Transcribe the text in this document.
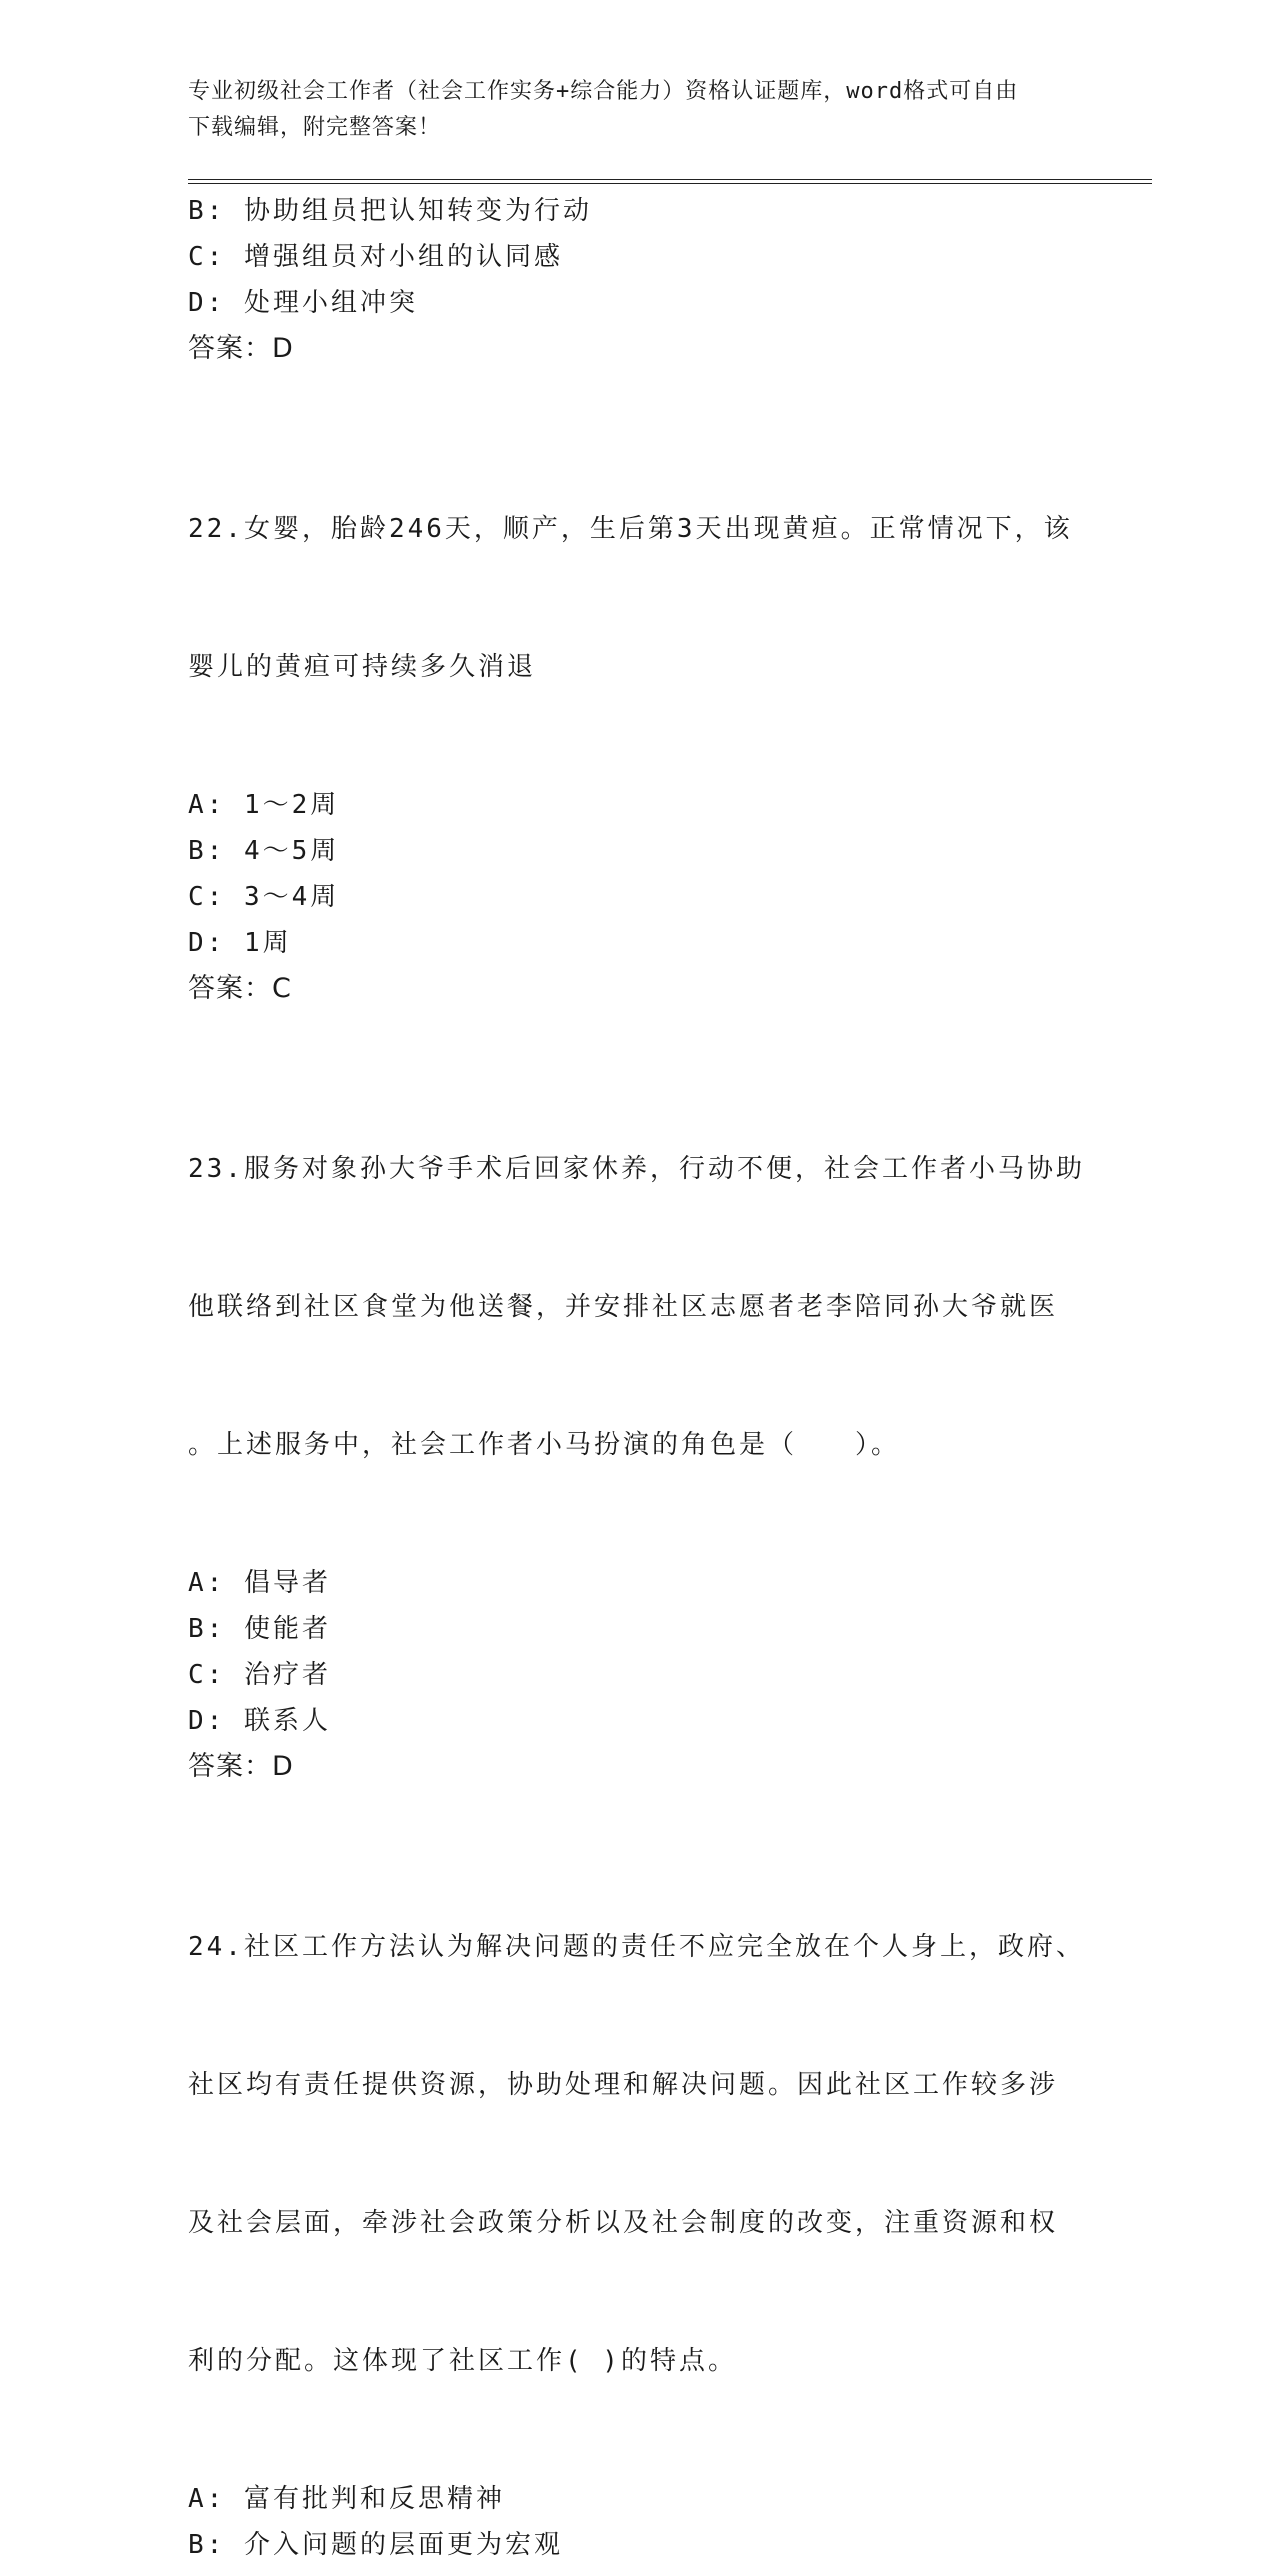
专业初级社会工作者（社会工作实务+综合能力）资格认证题库，word格式可自由
下载编辑，附完整答案！
B: 协助组员把认知转变为行动
C: 增强组员对小组的认同感
D: 处理小组冲突
答案：D

22.女婴，胎龄246天，顺产，生后第3天出现黄疸。正常情况下，该

婴儿的黄疸可持续多久消退

A: 1～2周
B: 4～5周
C: 3～4周
D: 1周
答案：C

23.服务对象孙大爷手术后回家休养，行动不便，社会工作者小马协助

他联络到社区食堂为他送餐，并安排社区志愿者老李陪同孙大爷就医

。上述服务中，社会工作者小马扮演的角色是（　　）。

A: 倡导者
B: 使能者
C: 治疗者
D: 联系人
答案：D

24.社区工作方法认为解决问题的责任不应完全放在个人身上，政府、

社区均有责任提供资源，协助处理和解决问题。因此社区工作较多涉

及社会层面，牵涉社会政策分析以及社会制度的改变，注重资源和权

利的分配。这体现了社区工作( )的特点。

A: 富有批判和反思精神
B: 介入问题的层面更为宏观
